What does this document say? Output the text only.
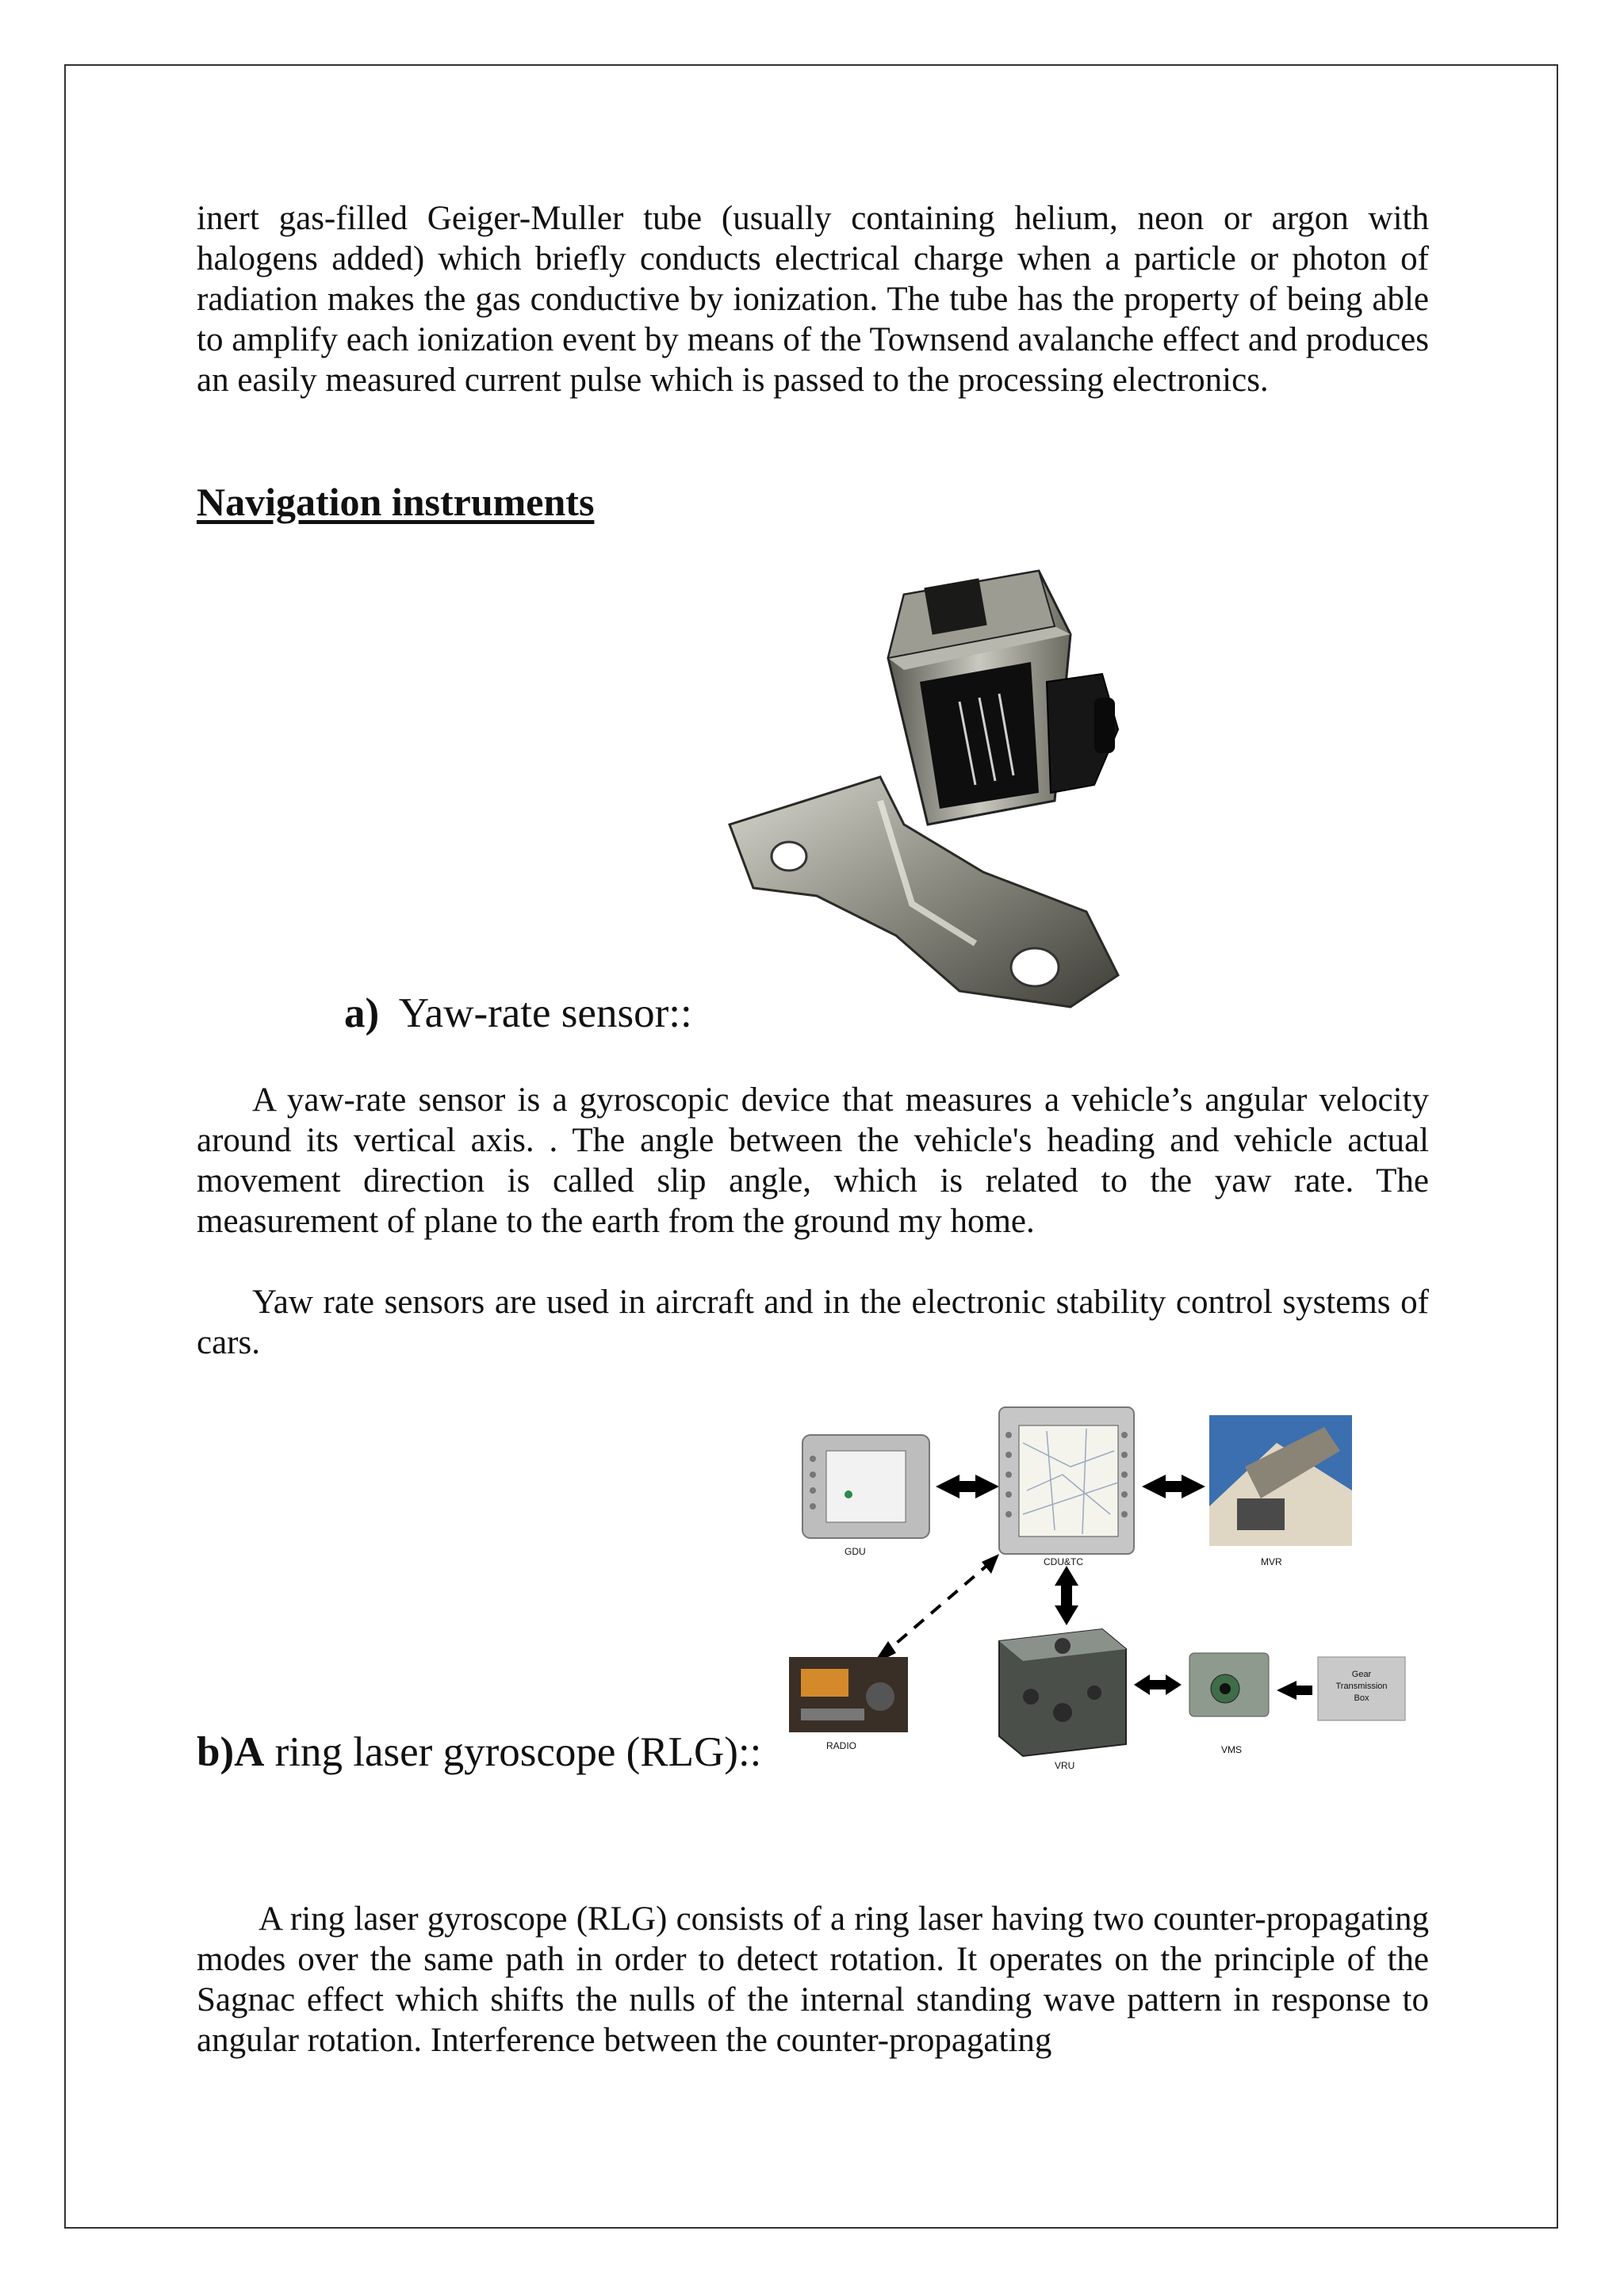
inert gas-filled Geiger-Muller tube (usually containing helium, neon or argon with halogens added) which briefly conducts electrical charge when a particle or photon of radiation makes the gas conductive by ionization. The tube has the property of being able to amplify each ionization event by means of the Townsend avalanche effect and produces an easily measured current pulse which is passed to the processing electronics.

Navigation instruments

a) Yaw-rate sensor::

A yaw-rate sensor is a gyroscopic device that measures a vehicle’s angular velocity around its vertical axis. . The angle between the vehicle's heading and vehicle actual movement direction is called slip angle, which is related to the yaw rate. The measurement of plane to the earth from the ground my home.

Yaw rate sensors are used in aircraft and in the electronic stability control systems of cars.

GDU
CDU&TC	MVR
RADIO
VRU
VMS
Gear
Transmission
Box

b)A ring laser gyroscope (RLG)::

A ring laser gyroscope (RLG) consists of a ring laser having two counter-propagating modes over the same path in order to detect rotation. It operates on the principle of the Sagnac effect which shifts the nulls of the internal standing wave pattern in response to angular rotation. Interference between the counter-propagating
